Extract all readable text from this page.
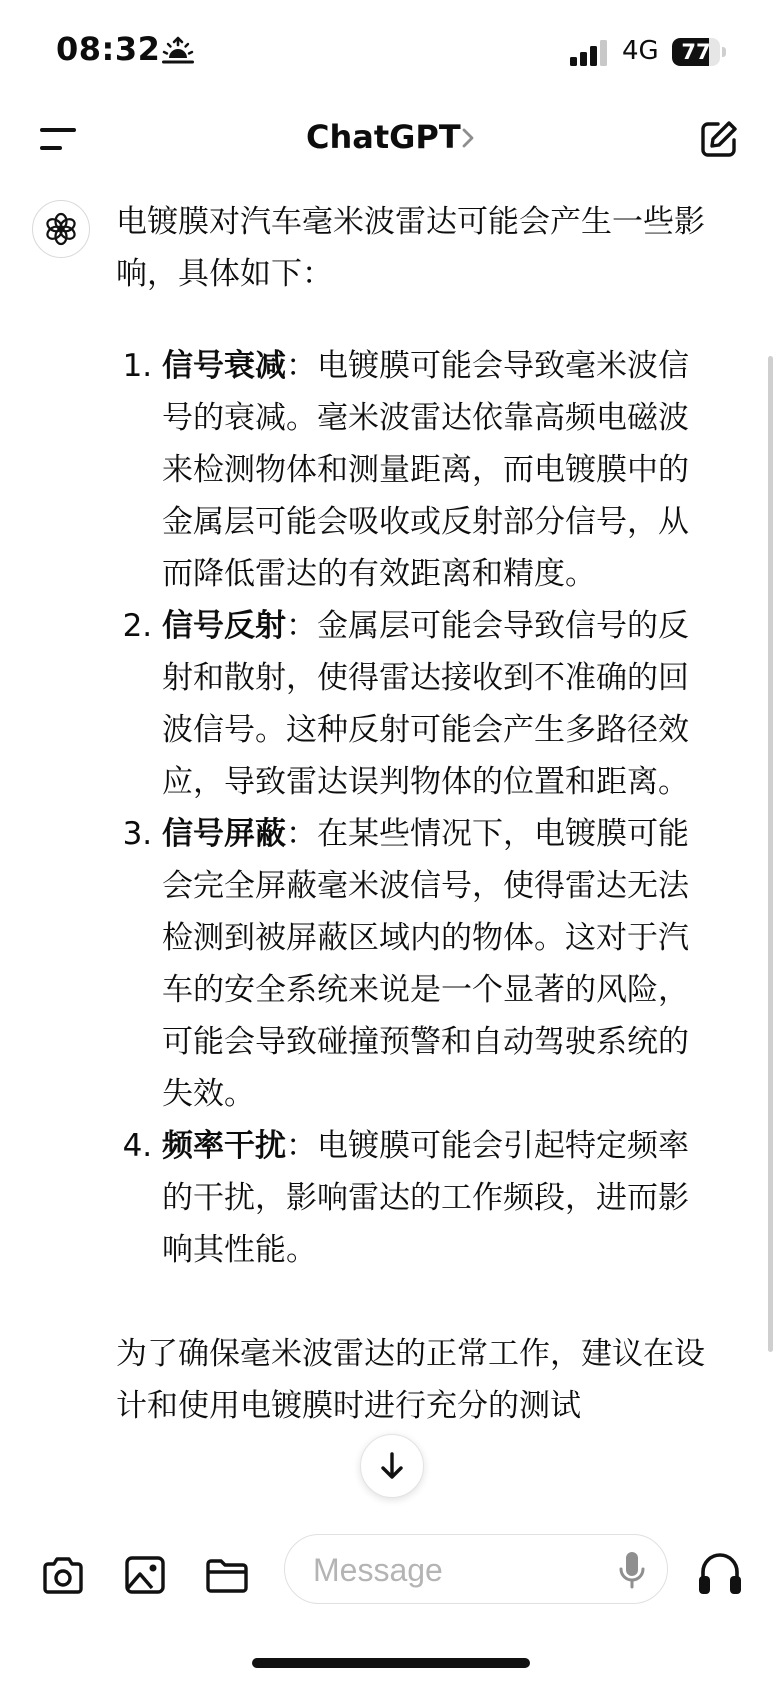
08:32	4G	77
ChatGPT

电镀膜对汽车毫米波雷达可能会产生一些影响，具体如下：

1. 信号衰减：电镀膜可能会导致毫米波信号的衰减。毫米波雷达依靠高频电磁波来检测物体和测量距离，而电镀膜中的金属层可能会吸收或反射部分信号，从而降低雷达的有效距离和精度。
2. 信号反射：金属层可能会导致信号的反射和散射，使得雷达接收到不准确的回波信号。这种反射可能会产生多路径效应，导致雷达误判物体的位置和距离。
3. 信号屏蔽：在某些情况下，电镀膜可能会完全屏蔽毫米波信号，使得雷达无法检测到被屏蔽区域内的物体。这对于汽车的安全系统来说是一个显著的风险，可能会导致碰撞预警和自动驾驶系统的失效。
4. 频率干扰：电镀膜可能会引起特定频率的干扰，影响雷达的工作频段，进而影响其性能。

为了确保毫米波雷达的正常工作，建议在设计和使用电镀膜时进行充分的测试

Message
